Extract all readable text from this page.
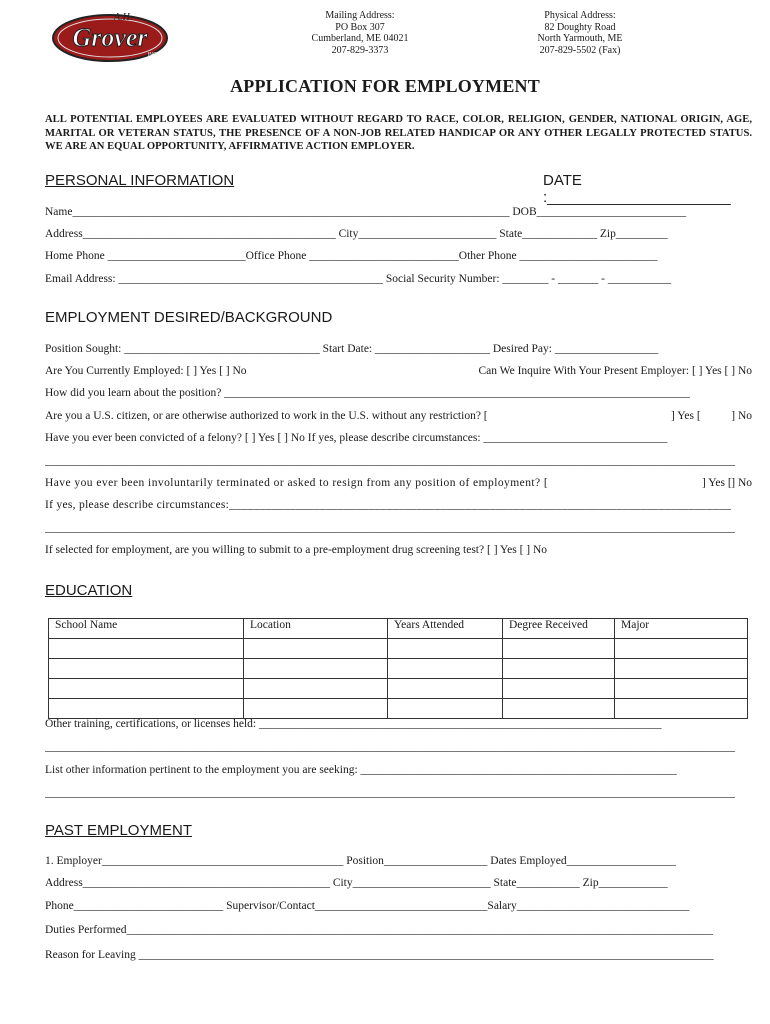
A.H.
Grover
INC.
Mailing Address:
PO Box 307
Cumberland, ME 04021
207-829-3373
Physical Address:
82 Doughty Road
North Yarmouth, ME
207-829-5502 (Fax)
APPLICATION FOR EMPLOYMENT
ALL POTENTIAL EMPLOYEES ARE EVALUATED WITHOUT REGARD TO RACE, COLOR, RELIGION, GENDER, NATIONAL ORIGIN, AGE, MARITAL OR VETERAN STATUS, THE PRESENCE OF A NON-JOB RELATED HANDICAP OR ANY OTHER LEGALLY PROTECTED STATUS. WE ARE AN EQUAL OPPORTUNITY, AFFIRMATIVE ACTION EMPLOYER.
PERSONAL INFORMATION	DATE :______________________
Name____________________________________________________________________________ DOB__________________________
Address____________________________________________ City________________________ State_____________ Zip_________
Home Phone ________________________Office Phone __________________________Other Phone ________________________
Email Address: ______________________________________________ Social Security Number: ________ - _______ - ___________
EMPLOYMENT DESIRED/BACKGROUND
Position Sought: __________________________________ Start Date: ____________________ Desired Pay: __________________
Are You Currently Employed: [ ] Yes [ ] No	Can We Inquire With Your Present Employer: [ ] Yes [ ] No
How did you learn about the position? _________________________________________________________________________________
Are you a U.S. citizen, or are otherwise authorized to work in the U.S. without any restriction? [	] Yes [	] No
Have you ever been convicted of a felony? [ ] Yes [ ] No If yes, please describe circumstances: ________________________________
________________________________________________________________________________________________________________________
Have you ever been involuntarily terminated or asked to resign from any position of employment? [	] Yes [ ] No
If yes, please describe circumstances:___________________________________________________________________________________
________________________________________________________________________________________________________________________
If selected for employment, are you willing to submit to a pre-employment drug screening test? [ ] Yes [ ] No
EDUCATION
School Name	Location	Years Attended	Degree Received	Major

Other training, certifications, or licenses held: ______________________________________________________________________
________________________________________________________________________________________________________________________
List other information pertinent to the employment you are seeking: _______________________________________________________
________________________________________________________________________________________________________________________
PAST EMPLOYMENT
1. Employer__________________________________________ Position__________________ Dates Employed___________________
Address___________________________________________ City________________________ State___________ Zip____________
Phone__________________________ Supervisor/Contact______________________________Salary______________________________
Duties Performed______________________________________________________________________________________________________
Reason for Leaving ____________________________________________________________________________________________________
